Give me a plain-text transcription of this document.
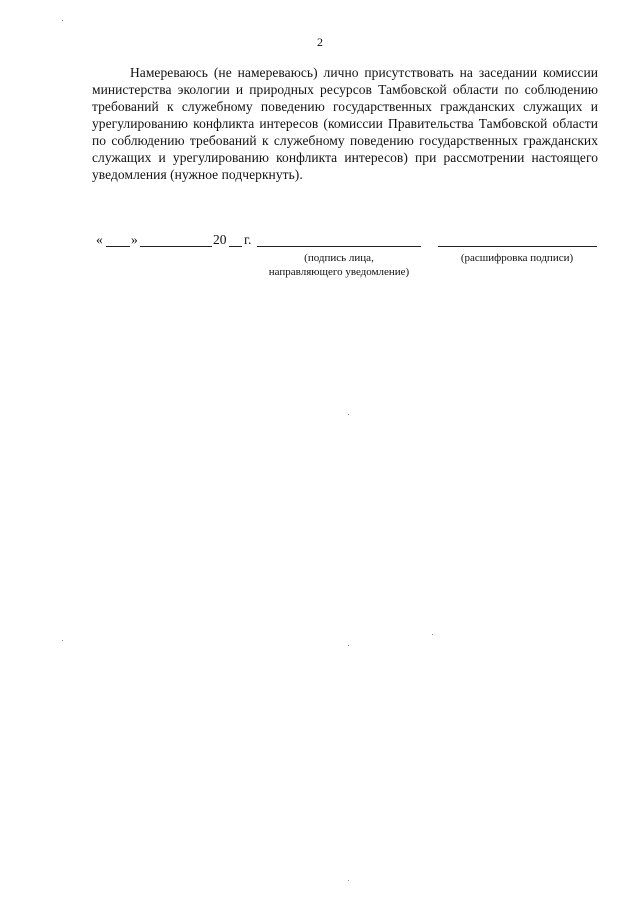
2

Намереваюсь (не намереваюсь) лично присутствовать на заседании комиссии министерства экологии и природных ресурсов Тамбовской области по соблюдению требований к служебному поведению государственных гражданских служащих и урегулированию конфликта интересов (комиссии Правительства Тамбовской области по соблюдению требований к служебному поведению государственных гражданских служащих и урегулированию конфликта интересов) при рассмотрении настоящего уведомления (нужное подчеркнуть).

« »	20 г.
(подпись лица,
направляющего уведомление)
(расшифровка подписи)
